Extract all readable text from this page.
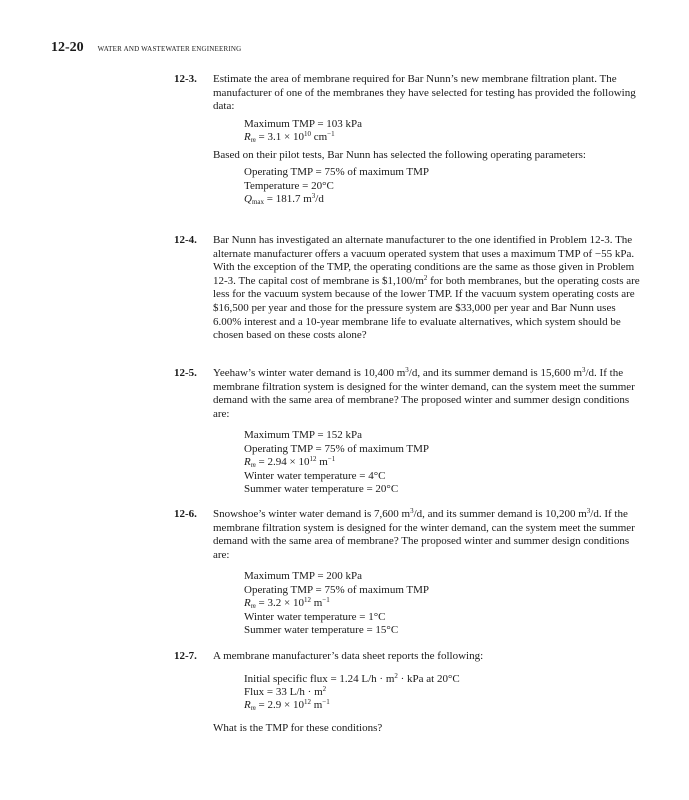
12-20 WATER AND WASTEWATER ENGINEERING
12-3. Estimate the area of membrane required for Bar Nunn’s new membrane filtration plant. The manufacturer of one of the membranes they have selected for testing has provided the following data:
Maximum TMP = 103 kPa
$R_m = 3.1 \times 10^{10}$ $cm^{-1}$
Based on their pilot tests, Bar Nunn has selected the following operating parameters:
Operating TMP = 75% of maximum TMP
Temperature = 20°C
$Q_{max} = 181.7$ $m^3/d$
12-4. Bar Nunn has investigated an alternate manufacturer to the one identified in Problem 12-3. The alternate manufacturer offers a vacuum operated system that uses a maximum TMP of −55 kPa. With the exception of the TMP, the operating conditions are the same as those given in Problem 12-3. The capital cost of membrane is $\$1,100/m^2$ for both membranes, but the operating costs are less for the vacuum system because of the lower TMP. If the vacuum system operating costs are $16,500 per year and those for the pressure system are $33,000 per year and Bar Nunn uses 6.00% interest and a 10-year membrane life to evaluate alternatives, which system should be chosen based on these costs alone?
12-5. Yeehaw’s winter water demand is 10,400 $m^3/d$, and its summer demand is 15,600 $m^3/d$. If the membrane filtration system is designed for the winter demand, can the system meet the summer demand with the same area of membrane? The proposed winter and summer design conditions are:
Maximum TMP = 152 kPa
Operating TMP = 75% of maximum TMP
$R_m = 2.94 \times 10^{12}$ $m^{-1}$
Winter water temperature = 4°C
Summer water temperature = 20°C
12-6. Snowshoe’s winter water demand is 7,600 $m^3/d$, and its summer demand is 10,200 $m^3/d$. If the membrane filtration system is designed for the winter demand, can the system meet the summer demand with the same area of membrane? The proposed winter and summer design conditions are:
Maximum TMP = 200 kPa
Operating TMP = 75% of maximum TMP
$R_m = 3.2 \times 10^{12}$ $m^{-1}$
Winter water temperature = 1°C
Summer water temperature = 15°C
12-7. A membrane manufacturer’s data sheet reports the following:
Initial specific flux = 1.24 $L/h \cdot m^2$ · kPa at 20°C
Flux = 33 $L/h \cdot m^2$
$R_m = 2.9 \times 10^{12}$ $m^{-1}$
What is the TMP for these conditions?
